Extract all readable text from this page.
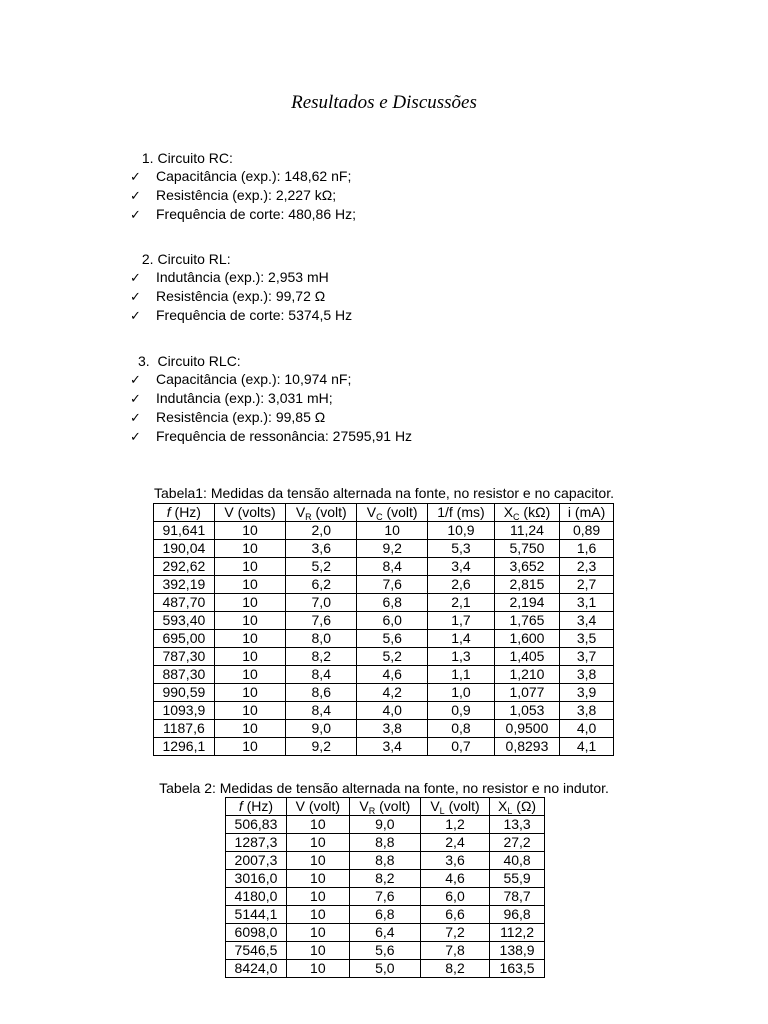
Resultados e Discussões
1. Circuito RC:
✓	Capacitância (exp.): 148,62 nF;
✓	Resistência (exp.): 2,227 kΩ;
✓	Frequência de corte: 480,86 Hz;
2. Circuito RL:
✓	Indutância (exp.): 2,953 mH
✓	Resistência (exp.): 99,72 Ω
✓	Frequência de corte: 5374,5 Hz
3.  Circuito RLC:
✓	Capacitância (exp.): 10,974 nF;
✓	Indutância (exp.): 3,031 mH;
✓	Resistência (exp.): 99,85 Ω
✓	Frequência de ressonância: 27595,91 Hz
Tabela1: Medidas da tensão alternada na fonte, no resistor e no capacitor.
f (Hz)	V (volts)	$V_R$ (volt)	$V_C$ (volt)	1/f (ms)	$X_C$ (kΩ)	i (mA)
91,641	10	2,0	10	10,9	11,24	0,89
190,04	10	3,6	9,2	5,3	5,750	1,6
292,62	10	5,2	8,4	3,4	3,652	2,3
392,19	10	6,2	7,6	2,6	2,815	2,7
487,70	10	7,0	6,8	2,1	2,194	3,1
593,40	10	7,6	6,0	1,7	1,765	3,4
695,00	10	8,0	5,6	1,4	1,600	3,5
787,30	10	8,2	5,2	1,3	1,405	3,7
887,30	10	8,4	4,6	1,1	1,210	3,8
990,59	10	8,6	4,2	1,0	1,077	3,9
1093,9	10	8,4	4,0	0,9	1,053	3,8
1187,6	10	9,0	3,8	0,8	0,9500	4,0
1296,1	10	9,2	3,4	0,7	0,8293	4,1
Tabela 2: Medidas de tensão alternada na fonte, no resistor e no indutor.
f (Hz)	V (volt)	$V_R$ (volt)	$V_L$ (volt)	$X_L$ (Ω)
506,83	10	9,0	1,2	13,3
1287,3	10	8,8	2,4	27,2
2007,3	10	8,8	3,6	40,8
3016,0	10	8,2	4,6	55,9
4180,0	10	7,6	6,0	78,7
5144,1	10	6,8	6,6	96,8
6098,0	10	6,4	7,2	112,2
7546,5	10	5,6	7,8	138,9
8424,0	10	5,0	8,2	163,5
